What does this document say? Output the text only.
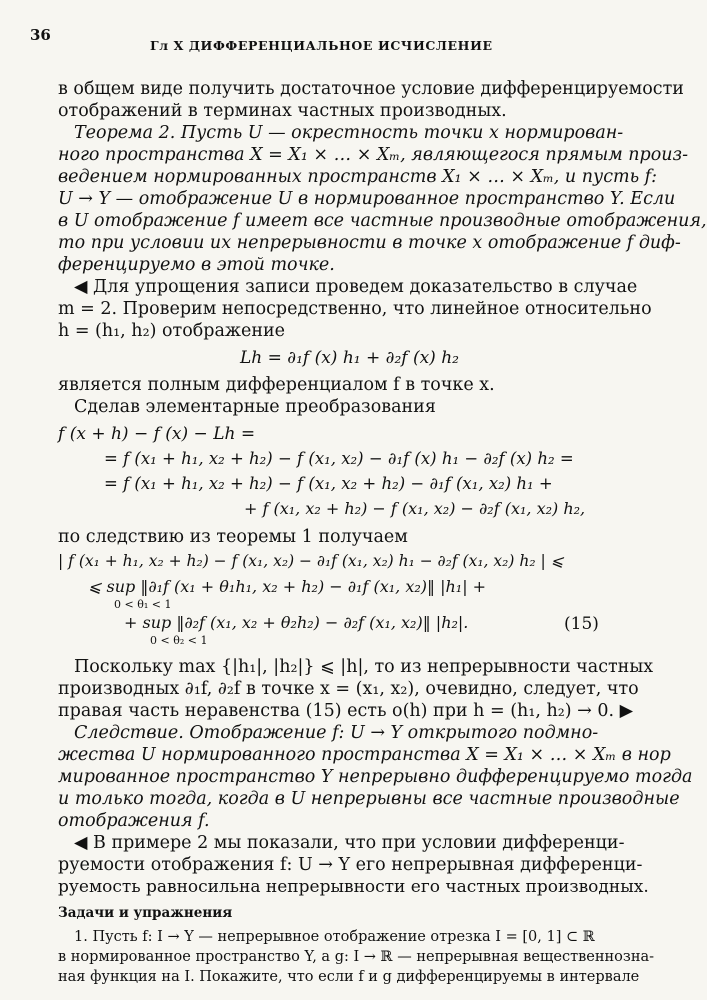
36
Гл X ДИФФЕРЕНЦИАЛЬНОЕ ИСЧИСЛЕНИЕ
в общем виде получить достаточное условие дифференцируемости
отображений в терминах частных производных.
Теорема 2. Пусть U — окрестность точки x нормирован-
ного пространства X = X₁ × … × Xₘ, являющегося прямым произ-
ведением нормированных пространств X₁ × … × Xₘ, и пусть f:
U → Y — отображение U в нормированное пространство Y. Если
в U отображение f имеет все частные производные отображения,
то при условии их непрерывности в точке x отображение f диф-
ференцируемо в этой точке.
◀ Для упрощения записи проведем доказательство в случае
m = 2. Проверим непосредственно, что линейное относительно
h = (h₁, h₂) отображение
Lh = ∂₁f (x) h₁ + ∂₂f (x) h₂
является полным дифференциалом f в точке x.
Сделав элементарные преобразования
f (x + h) − f (x) − Lh =
= f (x₁ + h₁, x₂ + h₂) − f (x₁, x₂) − ∂₁f (x) h₁ − ∂₂f (x) h₂ =
= f (x₁ + h₁, x₂ + h₂) − f (x₁, x₂ + h₂) − ∂₁f (x₁, x₂) h₁ +
+ f (x₁, x₂ + h₂) − f (x₁, x₂) − ∂₂f (x₁, x₂) h₂,
по следствию из теоремы 1 получаем
| f (x₁ + h₁, x₂ + h₂) − f (x₁, x₂) − ∂₁f (x₁, x₂) h₁ − ∂₂f (x₁, x₂) h₂ | ⩽
⩽ sup ‖∂₁f (x₁ + θ₁h₁, x₂ + h₂) − ∂₁f (x₁, x₂)‖ |h₁| +
0 < θ₁ < 1
+ sup ‖∂₂f (x₁, x₂ + θ₂h₂) − ∂₂f (x₁, x₂)‖ |h₂|.
0 < θ₂ < 1
(15)
Поскольку max {|h₁|, |h₂|} ⩽ |h|, то из непрерывности частных
производных ∂₁f, ∂₂f в точке x = (x₁, x₂), очевидно, следует, что
правая часть неравенства (15) есть o(h) при h = (h₁, h₂) → 0. ▶
Следствие. Отображение f: U → Y открытого подмно-
жества U нормированного пространства X = X₁ × … × Xₘ в нор
мированное пространство Y непрерывно дифференцируемо тогда
и только тогда, когда в U непрерывны все частные производные
отображения f.
◀ В примере 2 мы показали, что при условии дифференци-
руемости отображения f: U → Y его непрерывная дифференци-
руемость равносильна непрерывности его частных производных.
Задачи и упражнения
1. Пусть f: I → Y — непрерывное отображение отрезка I = [0, 1] ⊂ ℝ
в нормированное пространство Y, а g: I → ℝ — непрерывная вещественнозна-
ная функция на I. Покажите, что если f и g дифференцируемы в интервале
